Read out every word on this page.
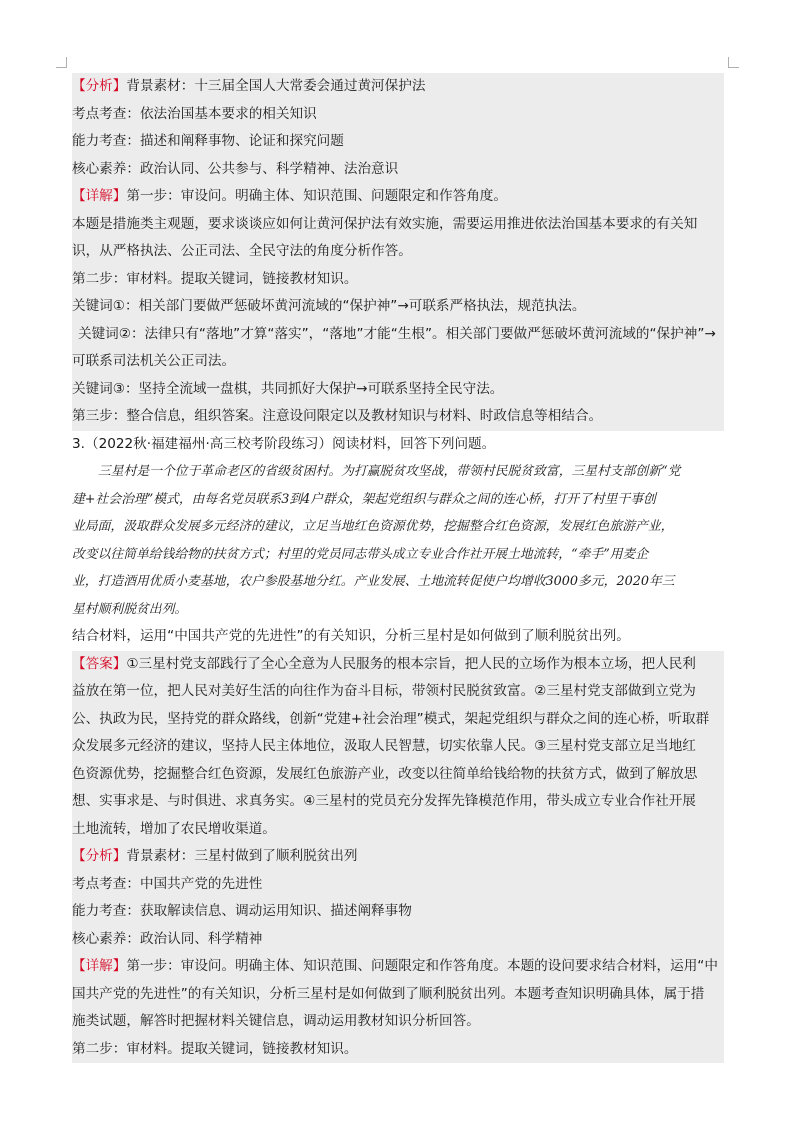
【分析】背景素材：十三届全国人大常委会通过黄河保护法
考点考查：依法治国基本要求的相关知识
能力考查：描述和阐释事物、论证和探究问题
核心素养：政治认同、公共参与、科学精神、法治意识
【详解】第一步：审设问。明确主体、知识范围、问题限定和作答角度。
本题是措施类主观题，要求谈谈应如何让黄河保护法有效实施，需要运用推进依法治国基本要求的有关知
识，从严格执法、公正司法、全民守法的角度分析作答。
第二步：审材料。提取关键词，链接教材知识。
关键词①：相关部门要做严惩破坏黄河流域的“保护神”→可联系严格执法，规范执法。
关键词②：法律只有“落地”才算“落实”，“落地”才能“生根”。相关部门要做严惩破坏黄河流域的“保护神”→
可联系司法机关公正司法。
关键词③：坚持全流域一盘棋，共同抓好大保护→可联系坚持全民守法。
第三步：整合信息，组织答案。注意设问限定以及教材知识与材料、时政信息等相结合。
3.（2022秋·福建福州·高三校考阶段练习）阅读材料，回答下列问题。
三星村是一个位于革命老区的省级贫困村。为打赢脱贫攻坚战，带领村民脱贫致富，三星村支部创新“党
建+社会治理”模式，由每名党员联系3到4户群众，架起党组织与群众之间的连心桥，打开了村里干事创
业局面，汲取群众发展多元经济的建议，立足当地红色资源优势，挖掘整合红色资源，发展红色旅游产业，
改变以往简单给钱给物的扶贫方式；村里的党员同志带头成立专业合作社开展土地流转，“牵手”用麦企
业，打造酒用优质小麦基地，农户参股基地分红。产业发展、土地流转促使户均增收3000多元，2020年三
星村顺利脱贫出列。
结合材料，运用“中国共产党的先进性”的有关知识，分析三星村是如何做到了顺利脱贫出列。
【答案】①三星村党支部践行了全心全意为人民服务的根本宗旨，把人民的立场作为根本立场，把人民利
益放在第一位，把人民对美好生活的向往作为奋斗目标，带领村民脱贫致富。②三星村党支部做到立党为
公、执政为民，坚持党的群众路线，创新“党建+社会治理”模式，架起党组织与群众之间的连心桥，听取群
众发展多元经济的建议，坚持人民主体地位，汲取人民智慧，切实依靠人民。③三星村党支部立足当地红
色资源优势，挖掘整合红色资源，发展红色旅游产业，改变以往简单给钱给物的扶贫方式，做到了解放思
想、实事求是、与时俱进、求真务实。④三星村的党员充分发挥先锋模范作用，带头成立专业合作社开展
土地流转，增加了农民增收渠道。
【分析】背景素材：三星村做到了顺利脱贫出列
考点考查：中国共产党的先进性
能力考查：获取解读信息、调动运用知识、描述阐释事物
核心素养：政治认同、科学精神
【详解】第一步：审设问。明确主体、知识范围、问题限定和作答角度。本题的设问要求结合材料，运用“中
国共产党的先进性”的有关知识，分析三星村是如何做到了顺利脱贫出列。本题考查知识明确具体，属于措
施类试题，解答时把握材料关键信息，调动运用教材知识分析回答。
第二步：审材料。提取关键词，链接教材知识。
